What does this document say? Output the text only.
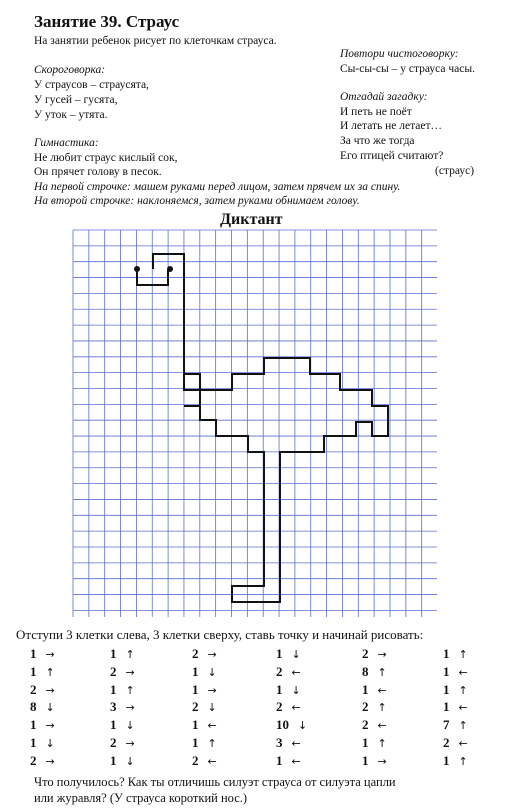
Занятие 39. Страус
На занятии ребенок рисует по клеточкам страуса.
Скороговорка:
У страусов – страусята,
У гусей – гусята,
У уток – утята.
Гимнастика:
Не любит страус кислый сок,
Он прячет голову в песок.
На первой строчке: машем руками перед лицом, затем прячем их за спину.
На второй строчке: наклоняемся, затем руками обнимаем голову.
Повтори чистоговорку:
Сы-сы-сы – у страуса часы.
Отгадай загадку:
И петь не поёт
И летать не летает…
За что же тогда
Его птицей считают?
(страус)
Диктант
Отступи 3 клетки слева, 3 клетки сверху, ставь точку и начинай рисовать:
1 →	1 ↑	2 →	1 ↓	2 →	1 ↑
1 ↑	2 →	1 ↓	2 ←	8 ↑	1 ←
2 →	1 ↑	1 →	1 ↓	1 ←	1 ↑
8 ↓	3 →	2 ↓	2 ←	2 ↑	1 ←
1 →	1 ↓	1 ←	10 ↓	2 ←	7 ↑
1 ↓	2 →	1 ↑	3 ←	1 ↑	2 ←
2 →	1 ↓	2 ←	1 ←	1 →	1 ↑
Что получилось? Как ты отличишь силуэт страуса от силуэта цапли
или журавля? (У страуса короткий нос.)
